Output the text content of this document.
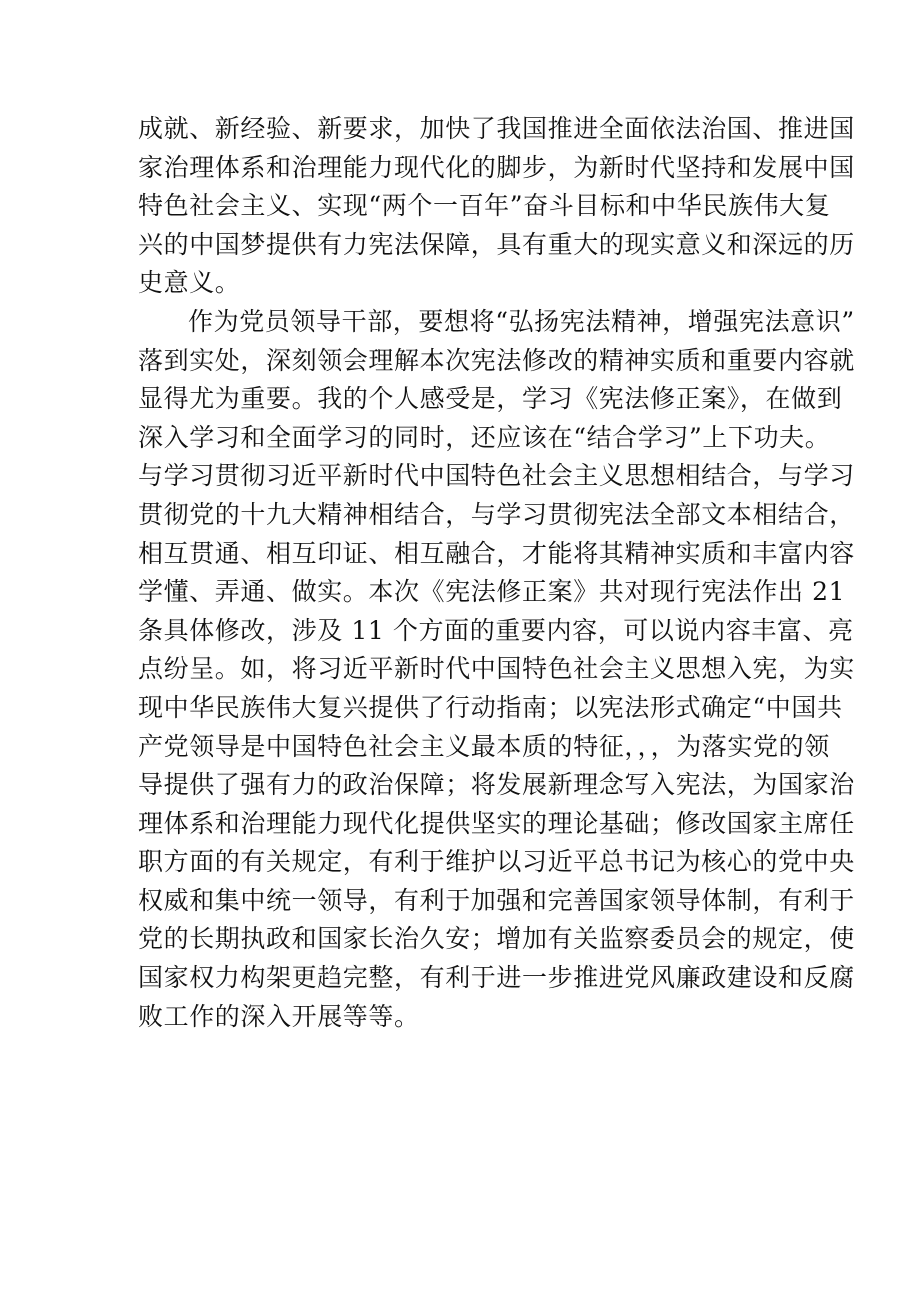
成就、新经验、新要求，加快了我国推进全面依法治国、推进国
家治理体系和治理能力现代化的脚步，为新时代坚持和发展中国
特色社会主义、实现“两个一百年”奋斗目标和中华民族伟大复
兴的中国梦提供有力宪法保障，具有重大的现实意义和深远的历
史意义。
作为党员领导干部，要想将“弘扬宪法精神，增强宪法意识”
落到实处，深刻领会理解本次宪法修改的精神实质和重要内容就
显得尤为重要。我的个人感受是，学习《宪法修正案》，在做到
深入学习和全面学习的同时，还应该在“结合学习”上下功夫。
与学习贯彻习近平新时代中国特色社会主义思想相结合，与学习
贯彻党的十九大精神相结合，与学习贯彻宪法全部文本相结合，
相互贯通、相互印证、相互融合，才能将其精神实质和丰富内容
学懂、弄通、做实。本次《宪法修正案》共对现行宪法作出 21
条具体修改，涉及 11 个方面的重要内容，可以说内容丰富、亮
点纷呈。如，将习近平新时代中国特色社会主义思想入宪，为实
现中华民族伟大复兴提供了行动指南；以宪法形式确定“中国共
产党领导是中国特色社会主义最本质的特征，，，为落实党的领
导提供了强有力的政治保障；将发展新理念写入宪法，为国家治
理体系和治理能力现代化提供坚实的理论基础；修改国家主席任
职方面的有关规定，有利于维护以习近平总书记为核心的党中央
权威和集中统一领导，有利于加强和完善国家领导体制，有利于
党的长期执政和国家长治久安；增加有关监察委员会的规定，使
国家权力构架更趋完整，有利于进一步推进党风廉政建设和反腐
败工作的深入开展等等。
